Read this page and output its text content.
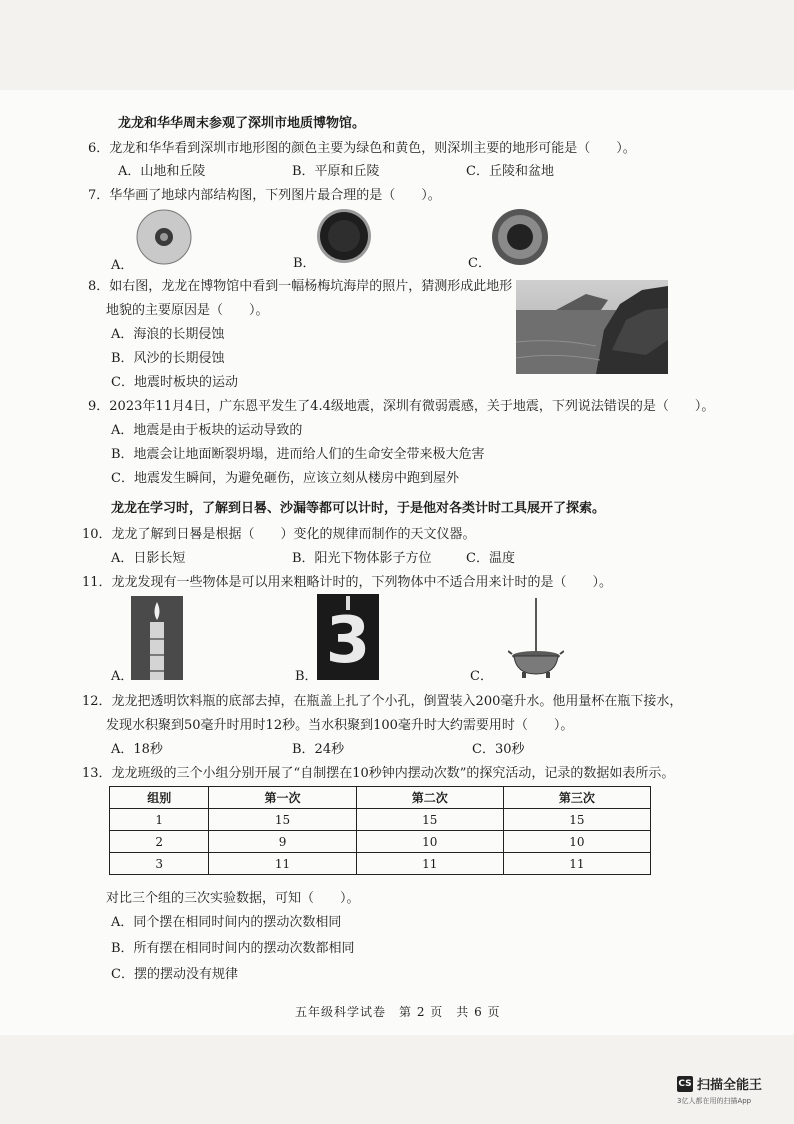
龙龙和华华周末参观了深圳市地质博物馆。
6．龙龙和华华看到深圳市地形图的颜色主要为绿色和黄色，则深圳主要的地形可能是（　　）。
A．山地和丘陵	B．平原和丘陵	C．丘陵和盆地
7．华华画了地球内部结构图，下列图片最合理的是（　　）。
A．	B．	C．
8．如右图，龙龙在博物馆中看到一幅杨梅坑海岸的照片，猜测形成此地形
地貌的主要原因是（　　）。
A．海浪的长期侵蚀
B．风沙的长期侵蚀
C．地震时板块的运动
9．2023年11月4日，广东恩平发生了4.4级地震，深圳有微弱震感，关于地震，下列说法错误的是（　　）。
A．地震是由于板块的运动导致的
B．地震会让地面断裂坍塌，进而给人们的生命安全带来极大危害
C．地震发生瞬间，为避免砸伤，应该立刻从楼房中跑到屋外
龙龙在学习时，了解到日晷、沙漏等都可以计时，于是他对各类计时工具展开了探索。
10．龙龙了解到日晷是根据（　　）变化的规律而制作的天文仪器。
A．日影长短	B．阳光下物体影子方位	C．温度
11．龙龙发现有一些物体是可以用来粗略计时的，下列物体中不适合用来计时的是（　　）。
3
A．	B．	C．
12．龙龙把透明饮料瓶的底部去掉，在瓶盖上扎了个小孔，倒置装入200毫升水。他用量杯在瓶下接水，
发现水积聚到50毫升时用时12秒。当水积聚到100毫升时大约需要用时（　　）。
A．18秒	B．24秒	C．30秒
13．龙龙班级的三个小组分别开展了“自制摆在10秒钟内摆动次数”的探究活动，记录的数据如表所示。
组别	第一次	第二次	第三次
1	15	15	15
2	9	10	10
3	11	11	11
对比三个组的三次实验数据，可知（　　）。
A．同个摆在相同时间内的摆动次数相同
B．所有摆在相同时间内的摆动次数都相同
C．摆的摆动没有规律
五年级科学试卷　第 2 页　共 6 页
CS 扫描全能王
3亿人都在用的扫描App
